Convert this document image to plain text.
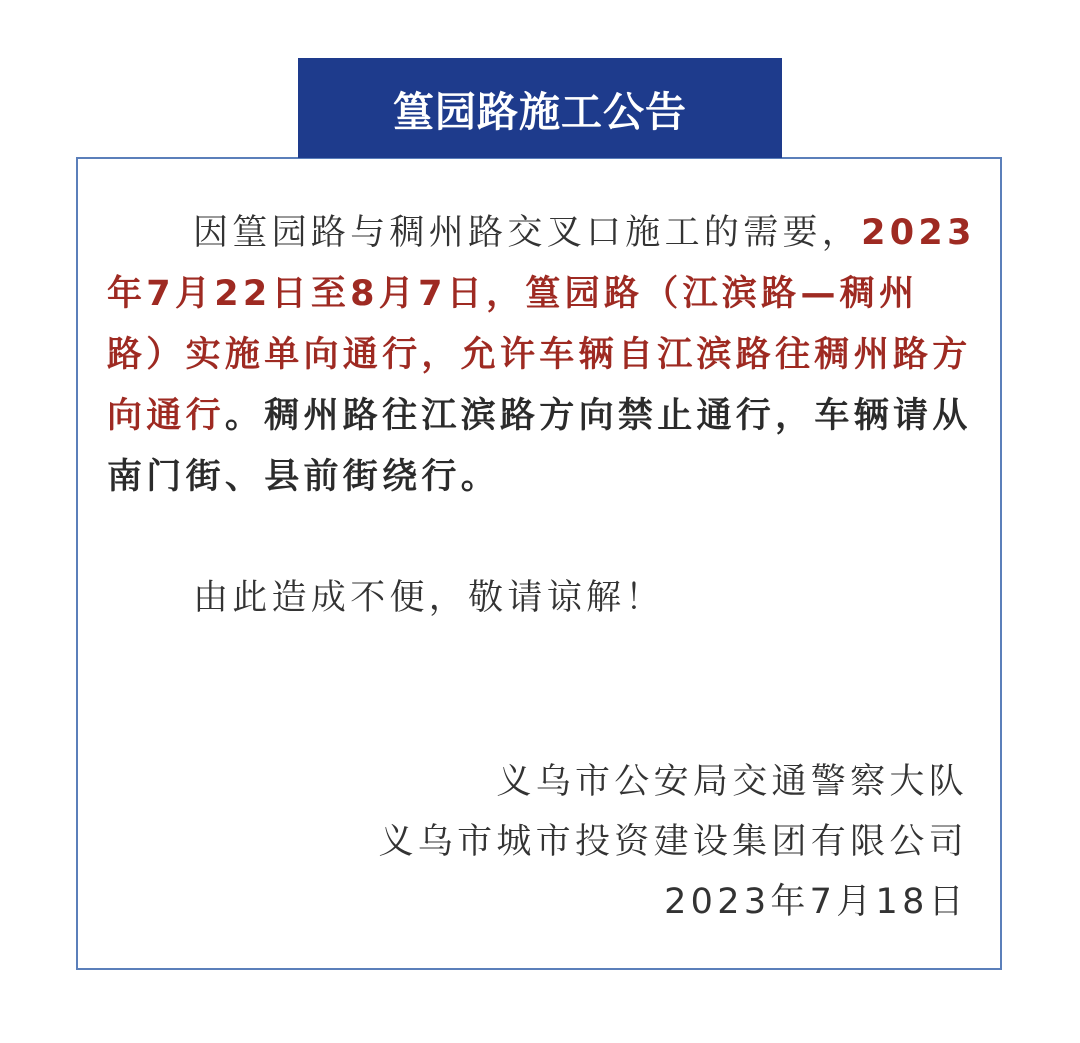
篁园路施工公告
因篁园路与稠州路交叉口施工的需要，2023年7月22日至8月7日，篁园路（江滨路—稠州路）实施单向通行，允许车辆自江滨路往稠州路方向通行。稠州路往江滨路方向禁止通行，车辆请从南门街、县前街绕行。
由此造成不便，敬请谅解！
义乌市公安局交通警察大队
义乌市城市投资建设集团有限公司
2023年7月18日
